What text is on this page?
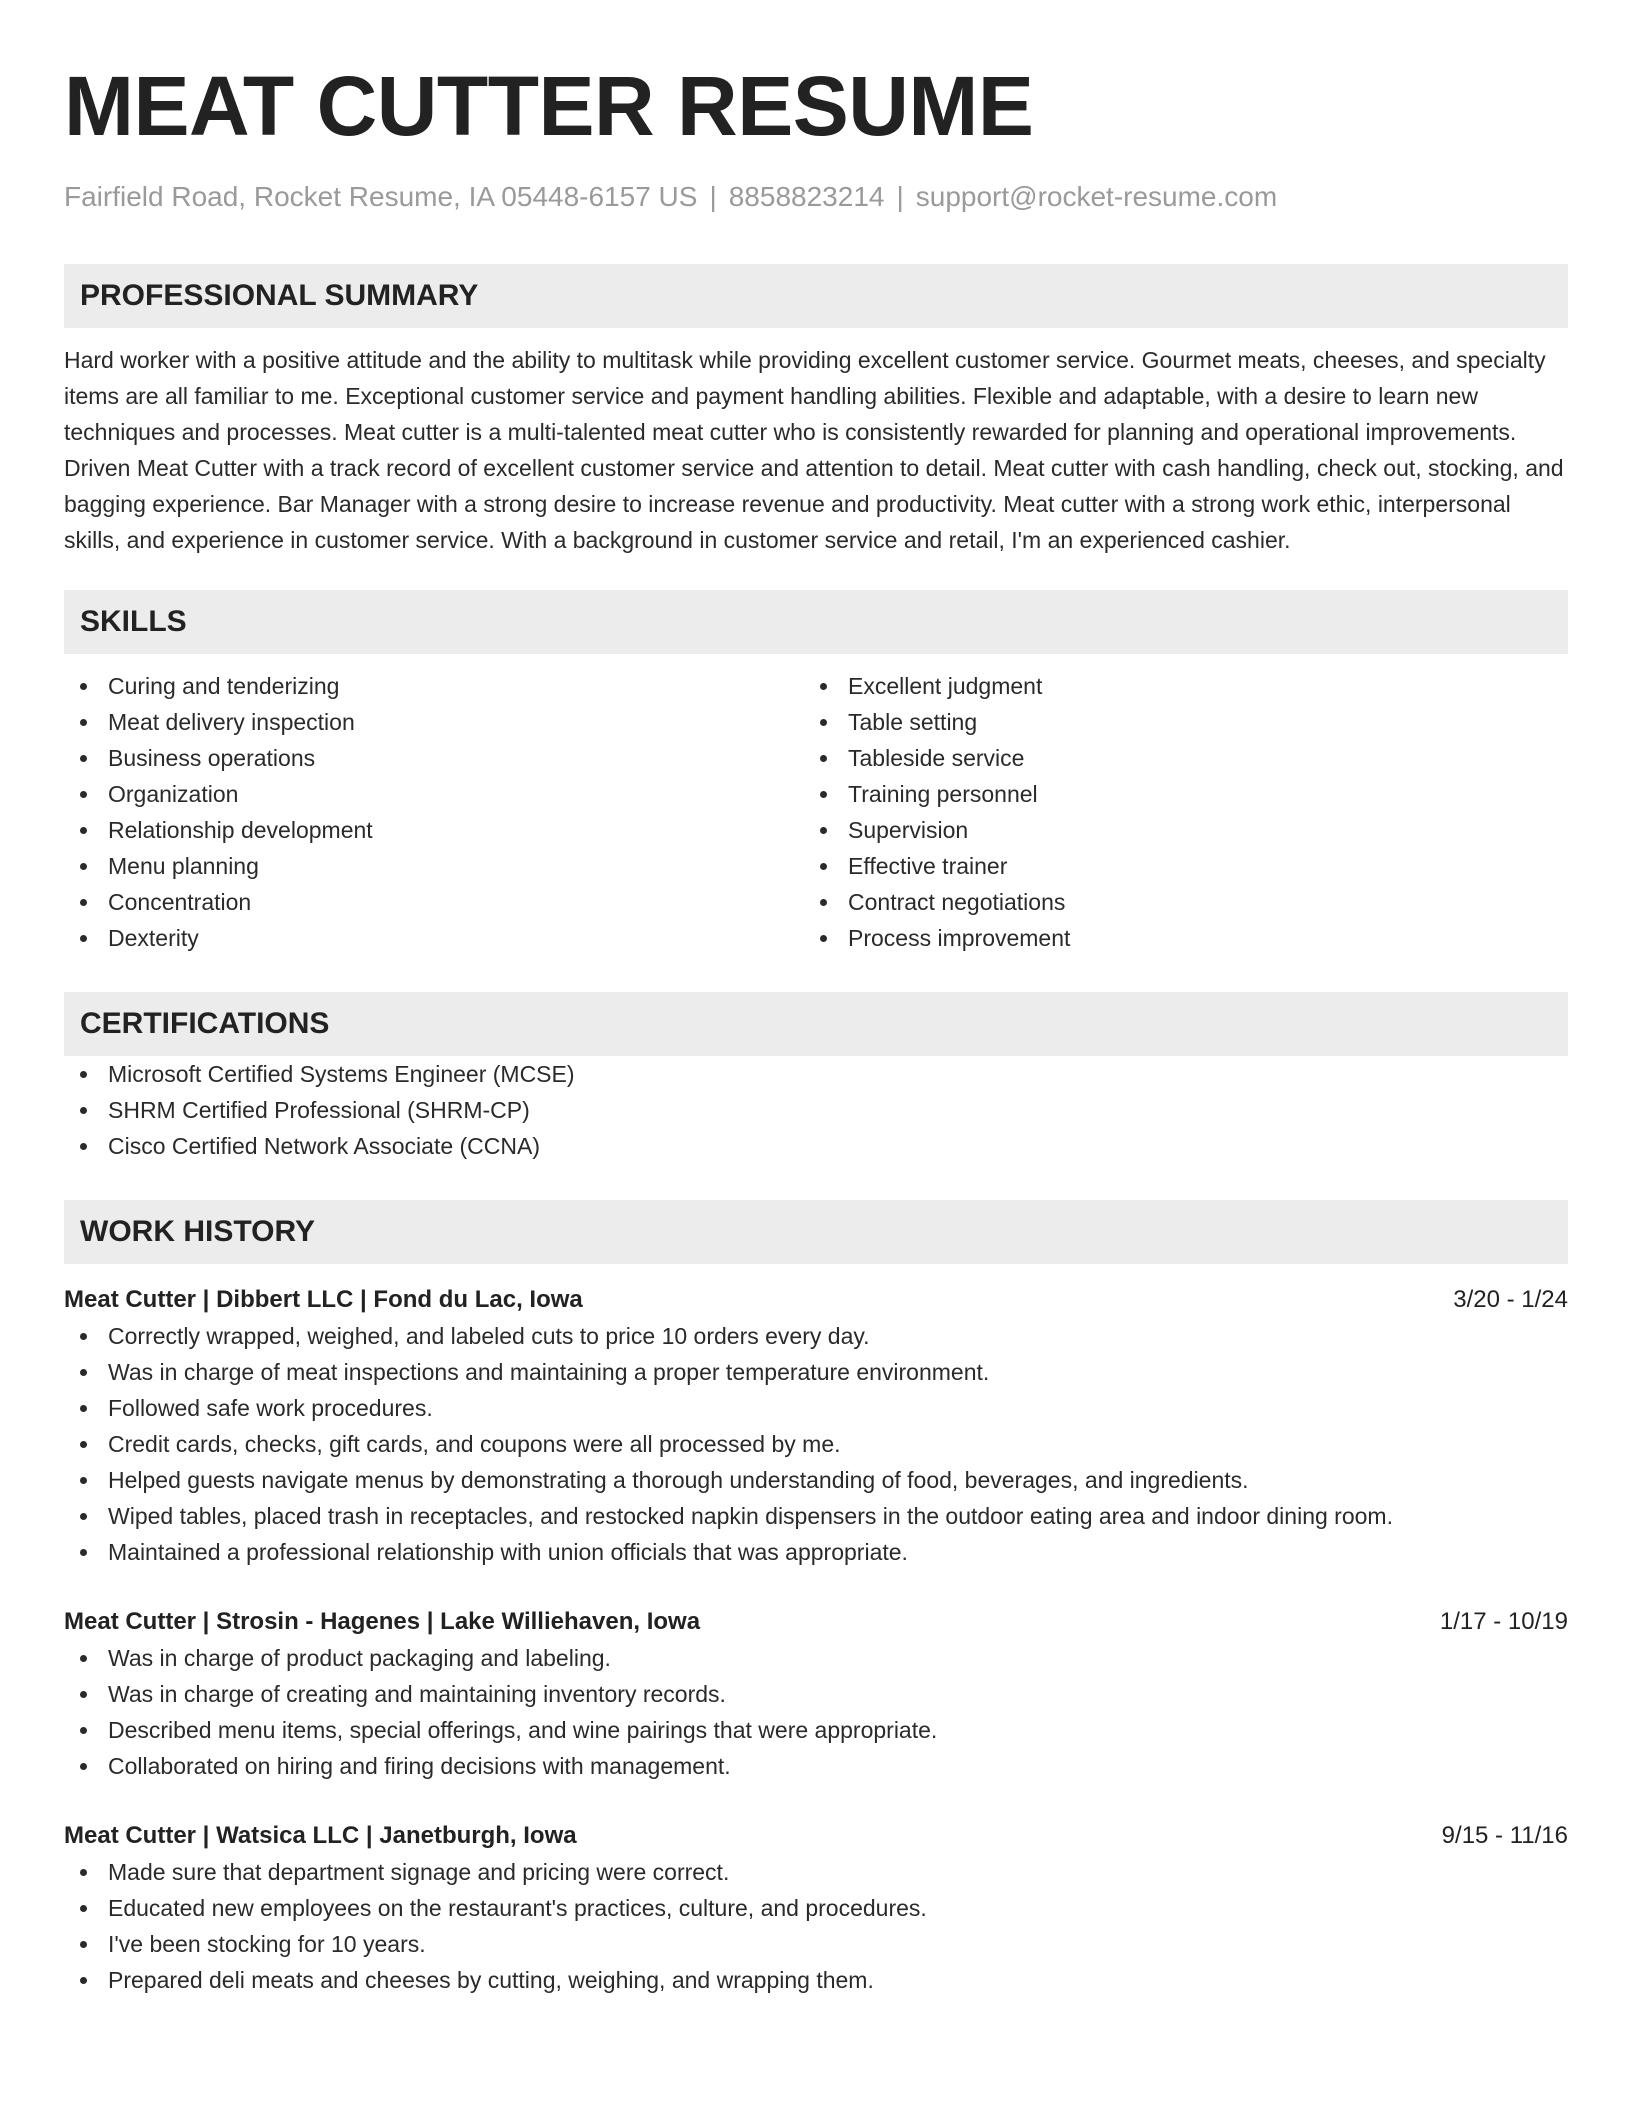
MEAT CUTTER RESUME
Fairfield Road, Rocket Resume, IA 05448-6157 US | 8858823214 | support@rocket-resume.com
PROFESSIONAL SUMMARY
Hard worker with a positive attitude and the ability to multitask while providing excellent customer service. Gourmet meats, cheeses, and specialty items are all familiar to me. Exceptional customer service and payment handling abilities. Flexible and adaptable, with a desire to learn new techniques and processes. Meat cutter is a multi-talented meat cutter who is consistently rewarded for planning and operational improvements. Driven Meat Cutter with a track record of excellent customer service and attention to detail. Meat cutter with cash handling, check out, stocking, and bagging experience. Bar Manager with a strong desire to increase revenue and productivity. Meat cutter with a strong work ethic, interpersonal skills, and experience in customer service. With a background in customer service and retail, I'm an experienced cashier.
SKILLS
Curing and tenderizing
Meat delivery inspection
Business operations
Organization
Relationship development
Menu planning
Concentration
Dexterity
Excellent judgment
Table setting
Tableside service
Training personnel
Supervision
Effective trainer
Contract negotiations
Process improvement
CERTIFICATIONS
Microsoft Certified Systems Engineer (MCSE)
SHRM Certified Professional (SHRM-CP)
Cisco Certified Network Associate (CCNA)
WORK HISTORY
Meat Cutter | Dibbert LLC | Fond du Lac, Iowa	3/20 - 1/24
Correctly wrapped, weighed, and labeled cuts to price 10 orders every day.
Was in charge of meat inspections and maintaining a proper temperature environment.
Followed safe work procedures.
Credit cards, checks, gift cards, and coupons were all processed by me.
Helped guests navigate menus by demonstrating a thorough understanding of food, beverages, and ingredients.
Wiped tables, placed trash in receptacles, and restocked napkin dispensers in the outdoor eating area and indoor dining room.
Maintained a professional relationship with union officials that was appropriate.
Meat Cutter | Strosin - Hagenes | Lake Williehaven, Iowa	1/17 - 10/19
Was in charge of product packaging and labeling.
Was in charge of creating and maintaining inventory records.
Described menu items, special offerings, and wine pairings that were appropriate.
Collaborated on hiring and firing decisions with management.
Meat Cutter | Watsica LLC | Janetburgh, Iowa	9/15 - 11/16
Made sure that department signage and pricing were correct.
Educated new employees on the restaurant's practices, culture, and procedures.
I've been stocking for 10 years.
Prepared deli meats and cheeses by cutting, weighing, and wrapping them.
